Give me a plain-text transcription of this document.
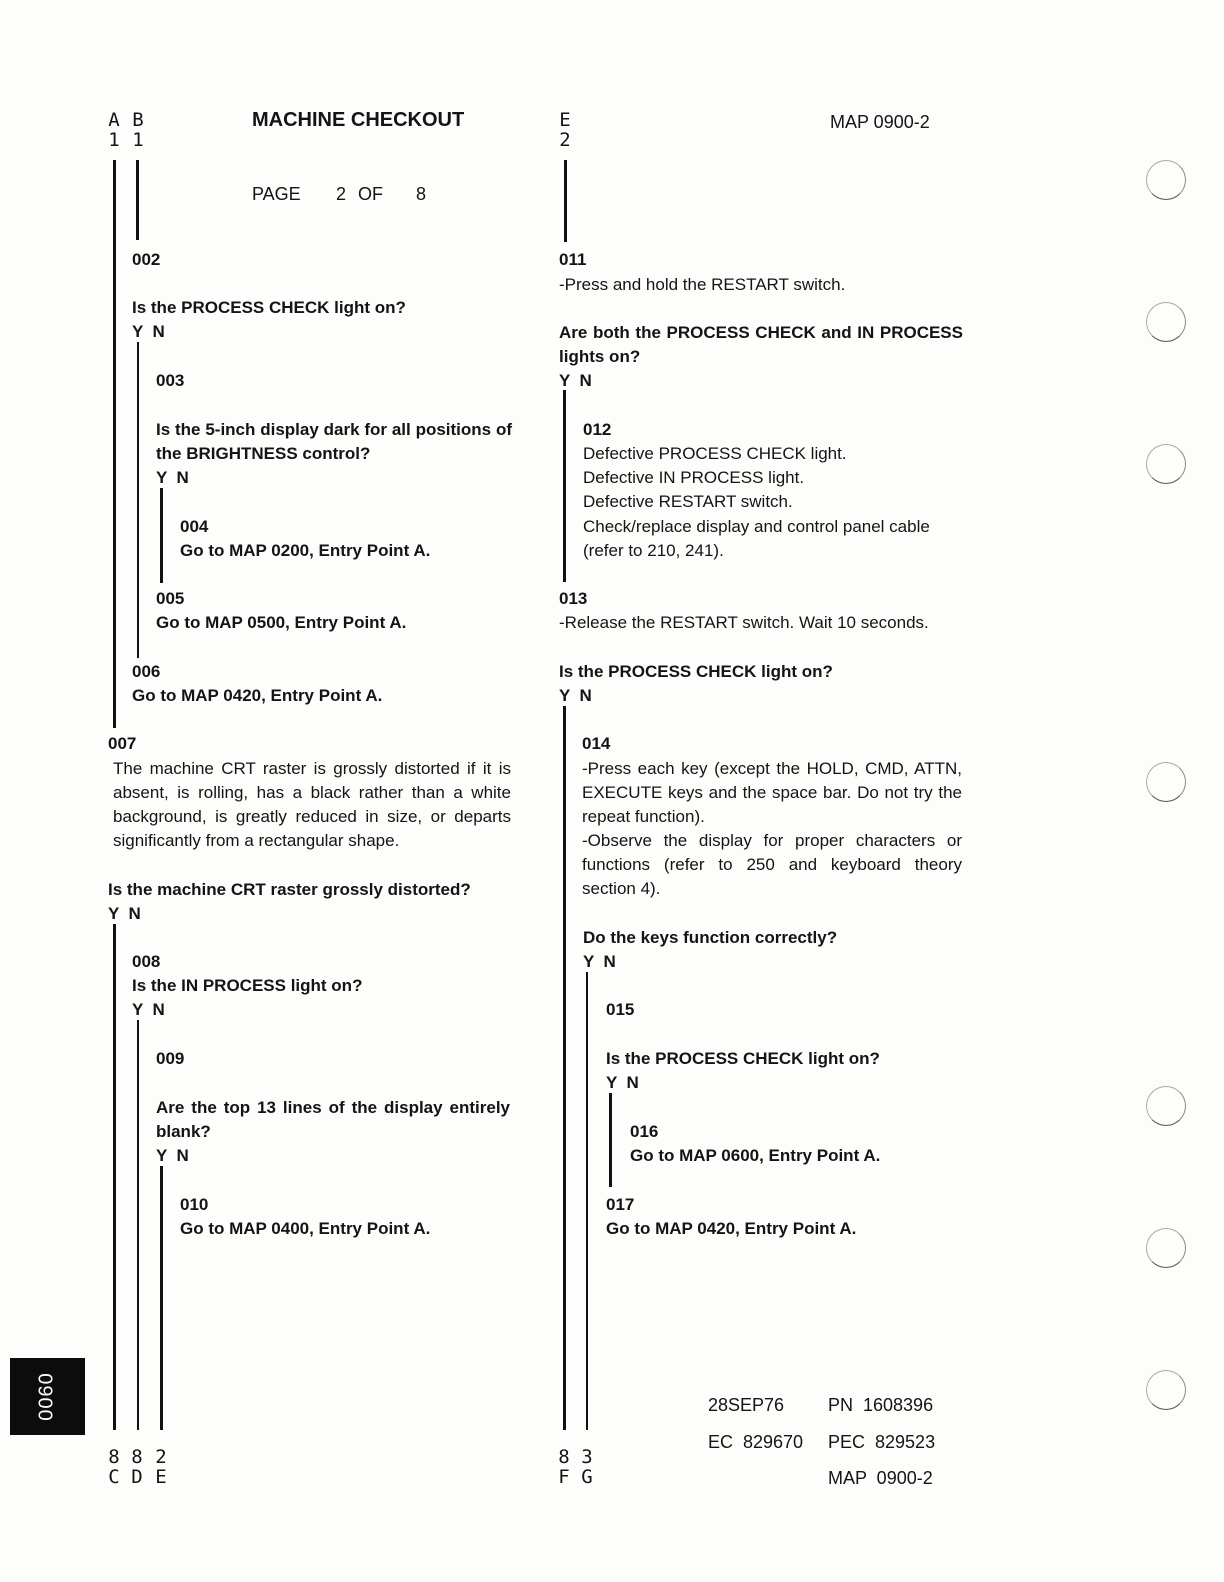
MACHINE CHECKOUT	MAP 0900-2
PAGE 2 OF 8
A
1
B
1
E
2
002
Is the PROCESS CHECK light on?
Y  N
003
Is the 5-inch display dark for all positions of the BRIGHTNESS control?
Y  N
004
Go to MAP 0200, Entry Point A.
005
Go to MAP 0500, Entry Point A.
006
Go to MAP 0420, Entry Point A.
007
The machine CRT raster is grossly distorted if it is absent, is rolling, has a black rather than a white background, is greatly reduced in size, or departs significantly from a rectangular shape.
Is the machine CRT raster grossly distorted?
Y  N
008
Is the IN PROCESS light on?
Y  N
009
Are the top 13 lines of the display entirely blank?
Y  N
010
Go to MAP 0400, Entry Point A.
011
-Press and hold the RESTART switch.
Are both the PROCESS CHECK and IN PROCESS lights on?
Y  N
012
Defective PROCESS CHECK light.
Defective IN PROCESS light.
Defective RESTART switch.
Check/replace display and control panel cable
(refer to 210, 241).
013
-Release the RESTART switch. Wait 10 seconds.
Is the PROCESS CHECK light on?
Y  N
014
-Press each key (except the HOLD, CMD, ATTN, EXECUTE keys and the space bar. Do not try the repeat function).
-Observe the display for proper characters or functions (refer to 250 and keyboard theory section 4).
Do the keys function correctly?
Y  N
015
Is the PROCESS CHECK light on?
Y  N
016
Go to MAP 0600, Entry Point A.
017
Go to MAP 0420, Entry Point A.
8
C
8
D
2
E
8
F
3
G
28SEP76 PN  1608396
EC  829670 PEC  829523
MAP  0900-2
0900
